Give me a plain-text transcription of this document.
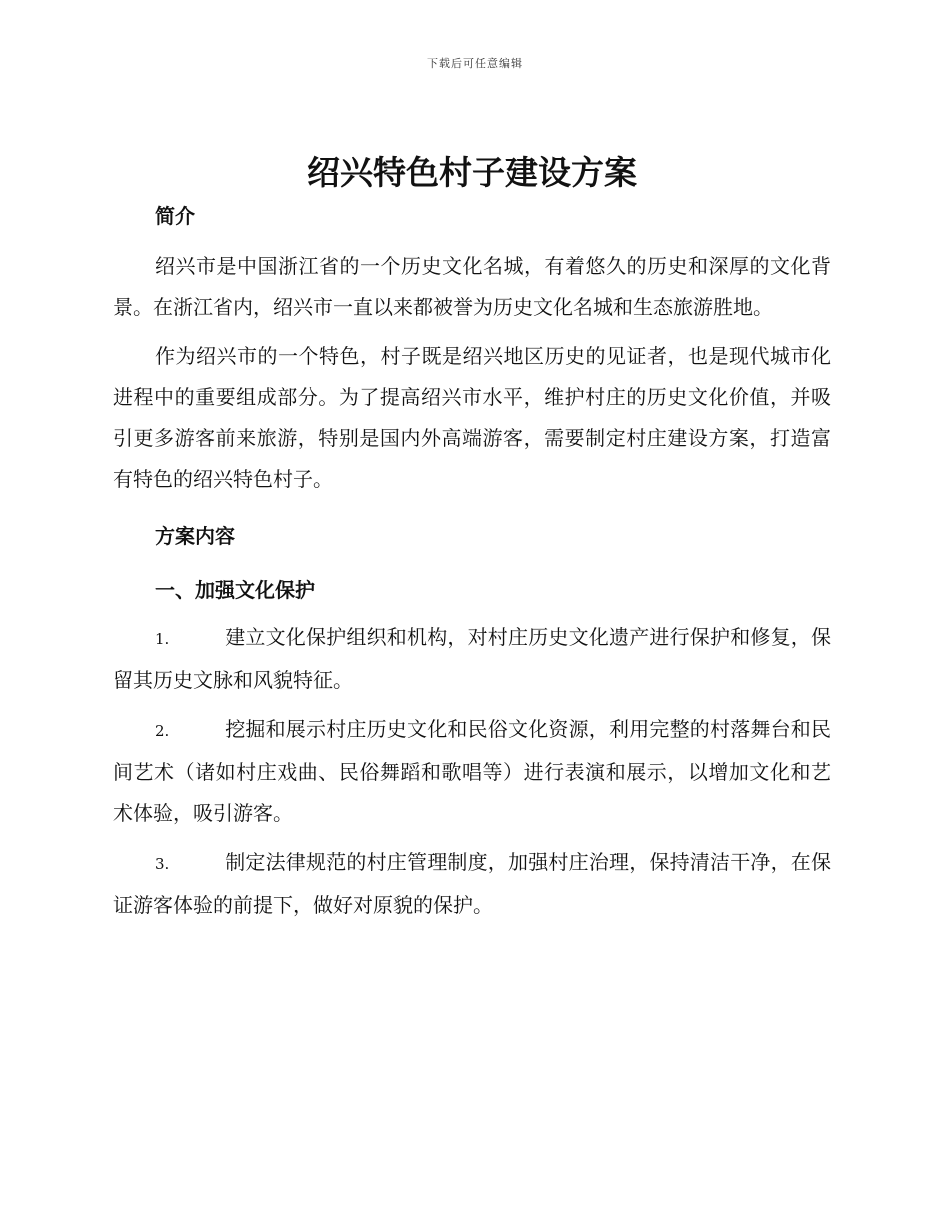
下载后可任意编辑
绍兴特色村子建设方案
简介

绍兴市是中国浙江省的一个历史文化名城，有着悠久的历史和深厚的文化背景。在浙江省内，绍兴市一直以来都被誉为历史文化名城和生态旅游胜地。

作为绍兴市的一个特色，村子既是绍兴地区历史的见证者，也是现代城市化进程中的重要组成部分。为了提高绍兴市水平，维护村庄的历史文化价值，并吸引更多游客前来旅游，特别是国内外高端游客，需要制定村庄建设方案，打造富有特色的绍兴特色村子。

方案内容
一、加强文化保护

1.	建立文化保护组织和机构，对村庄历史文化遗产进行保护和修复，保留其历史文脉和风貌特征。

2.	挖掘和展示村庄历史文化和民俗文化资源，利用完整的村落舞台和民间艺术（诸如村庄戏曲、民俗舞蹈和歌唱等）进行表演和展示，以增加文化和艺术体验，吸引游客。

3.	制定法律规范的村庄管理制度，加强村庄治理，保持清洁干净，在保证游客体验的前提下，做好对原貌的保护。
